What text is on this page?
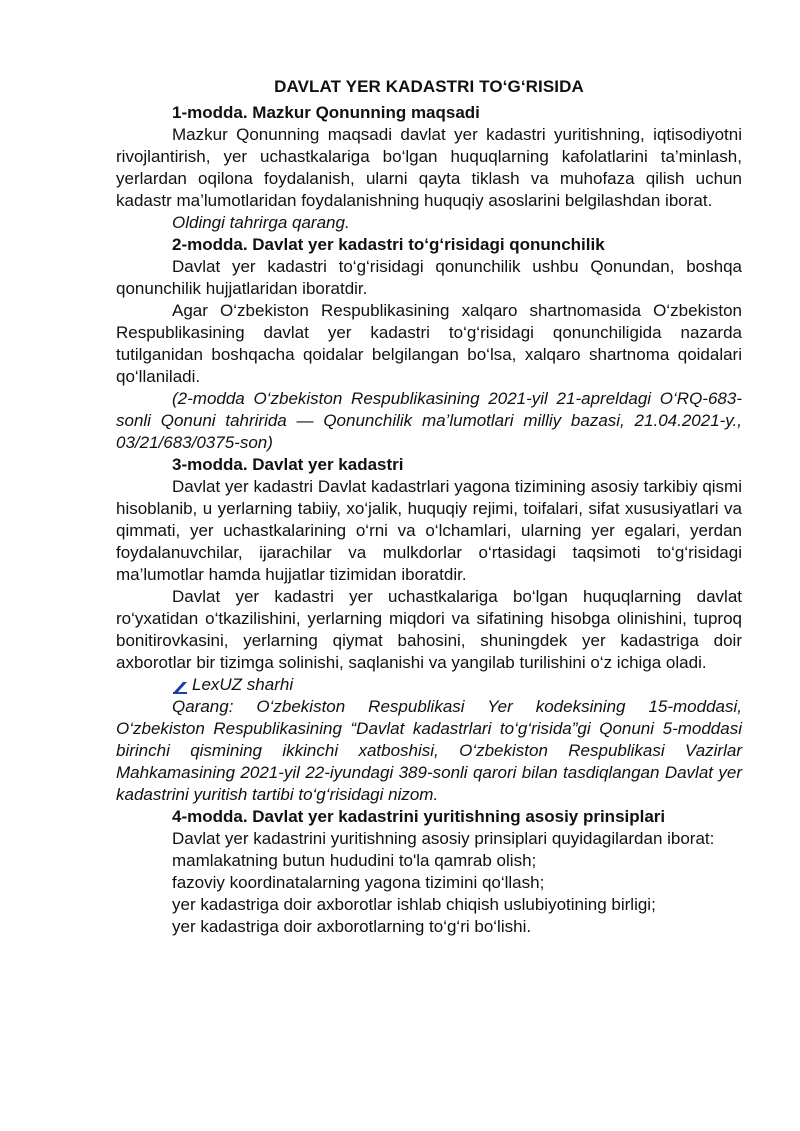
DAVLAT YER KADASTRI TO‘G‘RISIDA

1-modda. Mazkur Qonunning maqsadi

Mazkur Qonunning maqsadi davlat yer kadastri yuritishning, iqtisodiyotni rivojlantirish, yer uchastkalariga bo‘lgan huquqlarning kafolatlarini ta’minlash, yerlardan oqilona foydalanish, ularni qayta tiklash va muhofaza qilish uchun kadastr ma’lumotlaridan foydalanishning huquqiy asoslarini belgilashdan iborat.

Oldingi tahrirga qarang.

2-modda. Davlat yer kadastri to‘g‘risidagi qonunchilik

Davlat yer kadastri to‘g‘risidagi qonunchilik ushbu Qonundan, boshqa qonunchilik hujjatlaridan iboratdir.

Agar O‘zbekiston Respublikasining xalqaro shartnomasida O‘zbekiston Respublikasining davlat yer kadastri to‘g‘risidagi qonunchiligida nazarda tutilganidan boshqacha qoidalar belgilangan bo‘lsa, xalqaro shartnoma qoidalari qo‘llaniladi.

(2-modda O‘zbekiston Respublikasining 2021-yil 21-apreldagi O‘RQ-683-sonli Qonuni tahririda — Qonunchilik ma’lumotlari milliy bazasi, 21.04.2021-y., 03/21/683/0375-son)

3-modda. Davlat yer kadastri

Davlat yer kadastri Davlat kadastrlari yagona tizimining asosiy tarkibiy qismi hisoblanib, u yerlarning tabiiy, xo‘jalik, huquqiy rejimi, toifalari, sifat xususiyatlari va qimmati, yer uchastkalarining o‘rni va o‘lchamlari, ularning yer egalari, yerdan foydalanuvchilar, ijarachilar va mulkdorlar o‘rtasidagi taqsimoti to‘g‘risidagi ma’lumotlar hamda hujjatlar tizimidan iboratdir.

Davlat yer kadastri yer uchastkalariga bo‘lgan huquqlarning davlat ro‘yxatidan o‘tkazilishini, yerlarning miqdori va sifatining hisobga olinishini, tuproq bonitirovkasini, yerlarning qiymat bahosini, shuningdek yer kadastriga doir axborotlar bir tizimga solinishi, saqlanishi va yangilab turilishini o‘z ichiga oladi.

LexUZ sharhi

Qarang: O‘zbekiston Respublikasi Yer kodeksining 15-moddasi, O‘zbekiston Respublikasining “Davlat kadastrlari to‘g‘risida”gi Qonuni 5-moddasi birinchi qismining ikkinchi xatboshisi, O‘zbekiston Respublikasi Vazirlar Mahkamasining 2021-yil 22-iyundagi 389-sonli qarori bilan tasdiqlangan Davlat yer kadastrini yuritish tartibi to‘g‘risidagi nizom.

4-modda. Davlat yer kadastrini yuritishning asosiy prinsiplari

Davlat yer kadastrini yuritishning asosiy prinsiplari quyidagilardan iborat:

mamlakatning butun hududini to'la qamrab olish;

fazoviy koordinatalarning yagona tizimini qo‘llash;

yer kadastriga doir axborotlar ishlab chiqish uslubiyotining birligi;

yer kadastriga doir axborotlarning to‘g‘ri bo‘lishi.
